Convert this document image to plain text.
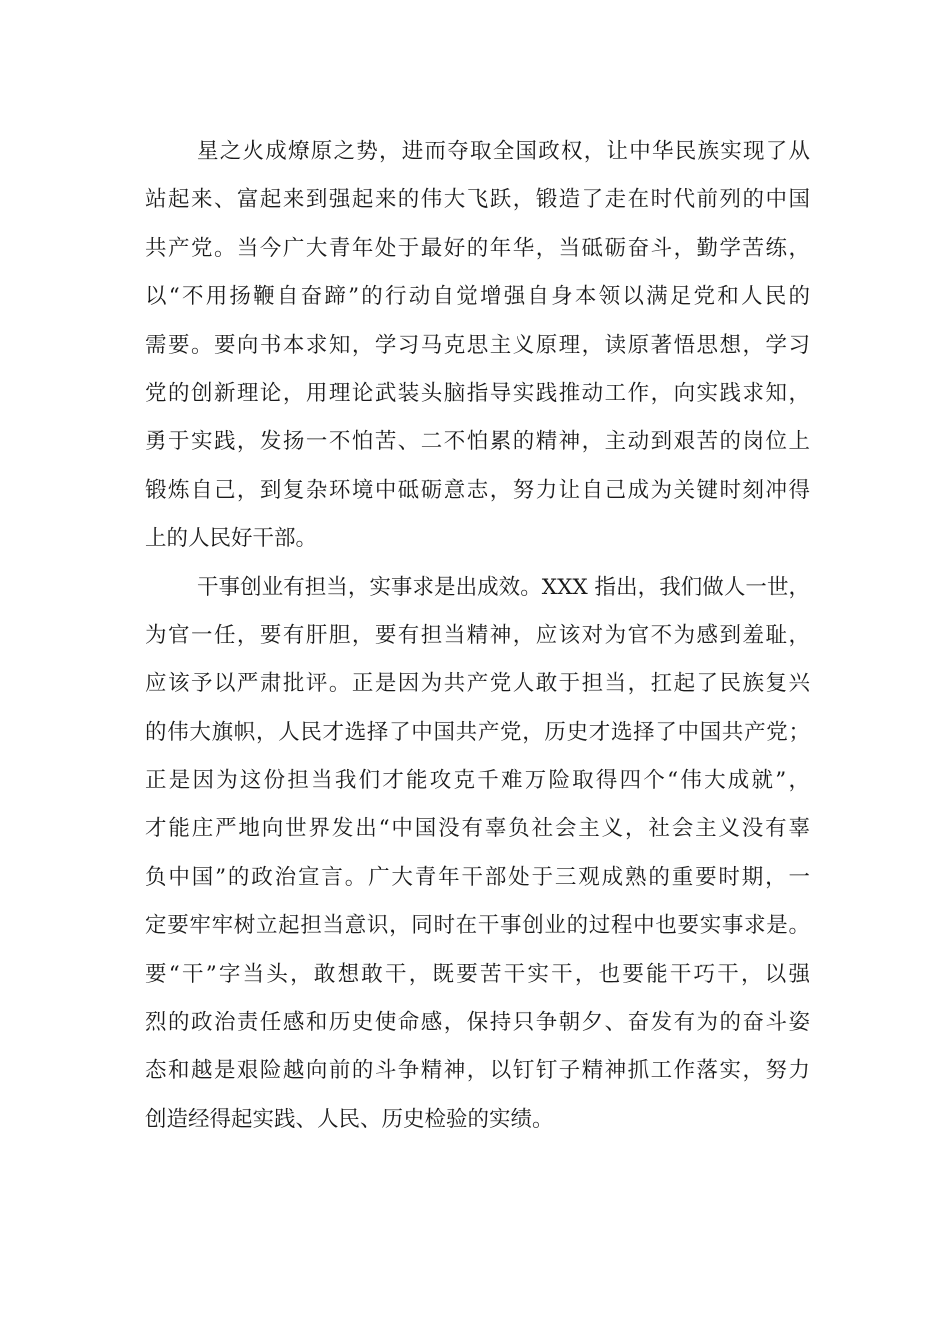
星之火成燎原之势，进而夺取全国政权，让中华民族实现了从
站起来、富起来到强起来的伟大飞跃，锻造了走在时代前列的中国
共产党。当今广大青年处于最好的年华，当砥砺奋斗，勤学苦练，
以“不用扬鞭自奋蹄”的行动自觉增强自身本领以满足党和人民的
需要。要向书本求知，学习马克思主义原理，读原著悟思想，学习
党的创新理论，用理论武装头脑指导实践推动工作，向实践求知，
勇于实践，发扬一不怕苦、二不怕累的精神，主动到艰苦的岗位上
锻炼自己，到复杂环境中砥砺意志，努力让自己成为关键时刻冲得
上的人民好干部。
干事创业有担当，实事求是出成效。XXX 指出，我们做人一世，
为官一任，要有肝胆，要有担当精神，应该对为官不为感到羞耻，
应该予以严肃批评。正是因为共产党人敢于担当，扛起了民族复兴
的伟大旗帜，人民才选择了中国共产党，历史才选择了中国共产党；
正是因为这份担当我们才能攻克千难万险取得四个“伟大成就”，
才能庄严地向世界发出“中国没有辜负社会主义，社会主义没有辜
负中国”的政治宣言。广大青年干部处于三观成熟的重要时期，一
定要牢牢树立起担当意识，同时在干事创业的过程中也要实事求是。
要“干”字当头，敢想敢干，既要苦干实干，也要能干巧干，以强
烈的政治责任感和历史使命感，保持只争朝夕、奋发有为的奋斗姿
态和越是艰险越向前的斗争精神，以钉钉子精神抓工作落实，努力
创造经得起实践、人民、历史检验的实绩。
